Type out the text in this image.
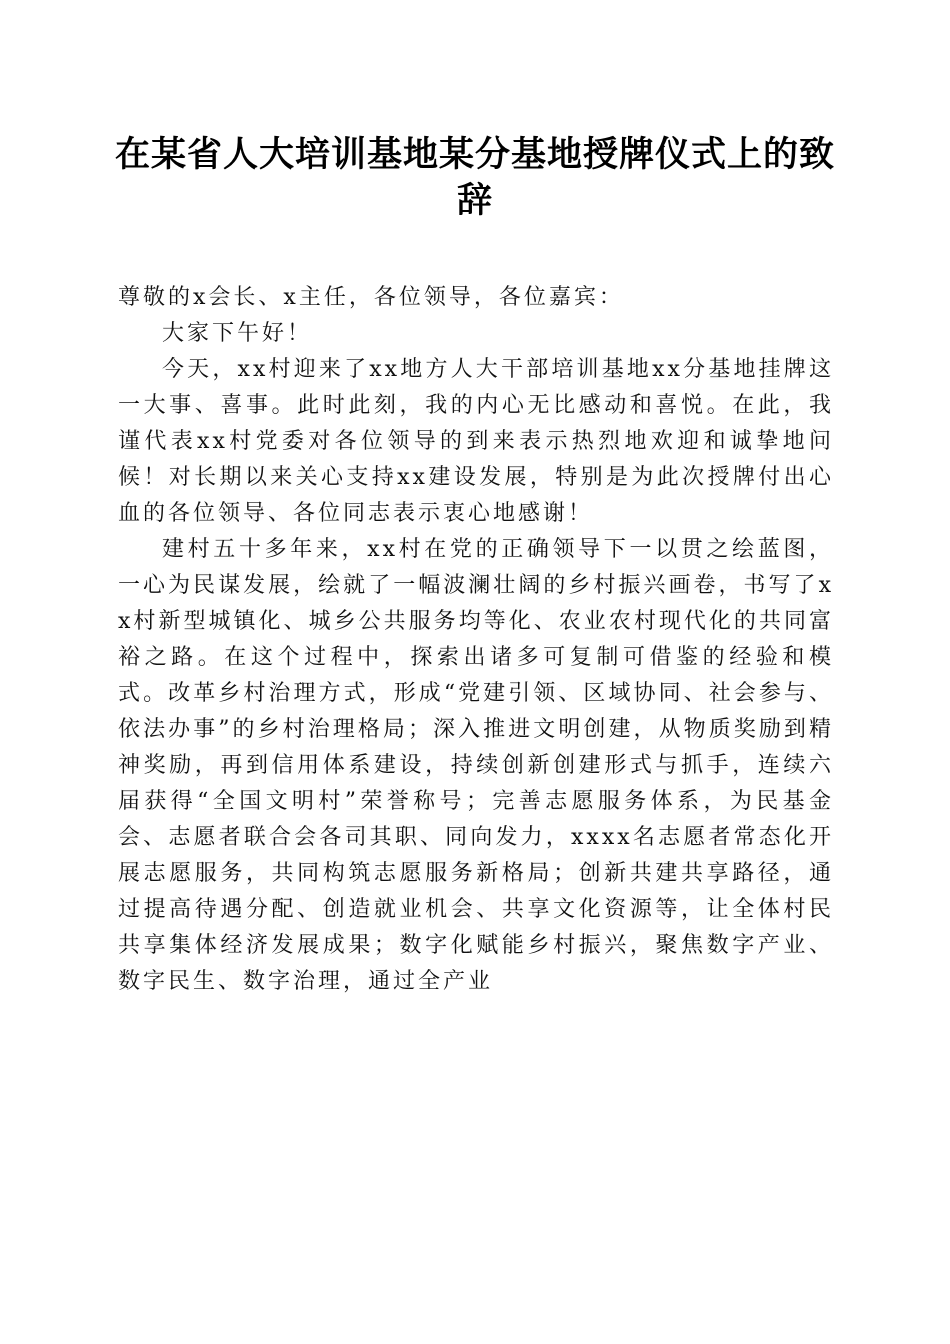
在某省人大培训基地某分基地授牌仪式上的致辞

尊敬的x会长、x主任，各位领导，各位嘉宾：

大家下午好！

今天，xx村迎来了xx地方人大干部培训基地xx分基地挂牌这一大事、喜事。此时此刻，我的内心无比感动和喜悦。在此，我谨代表xx村党委对各位领导的到来表示热烈地欢迎和诚挚地问候！对长期以来关心支持xx建设发展，特别是为此次授牌付出心血的各位领导、各位同志表示衷心地感谢！

建村五十多年来，xx村在党的正确领导下一以贯之绘蓝图，一心为民谋发展，绘就了一幅波澜壮阔的乡村振兴画卷，书写了xx村新型城镇化、城乡公共服务均等化、农业农村现代化的共同富裕之路。在这个过程中，探索出诸多可复制可借鉴的经验和模式。改革乡村治理方式，形成“党建引领、区域协同、社会参与、依法办事”的乡村治理格局；深入推进文明创建，从物质奖励到精神奖励，再到信用体系建设，持续创新创建形式与抓手，连续六届获得“全国文明村”荣誉称号；完善志愿服务体系，为民基金会、志愿者联合会各司其职、同向发力，xxxx名志愿者常态化开展志愿服务，共同构筑志愿服务新格局；创新共建共享路径，通过提高待遇分配、创造就业机会、共享文化资源等，让全体村民共享集体经济发展成果；数字化赋能乡村振兴，聚焦数字产业、数字民生、数字治理，通过全产业
